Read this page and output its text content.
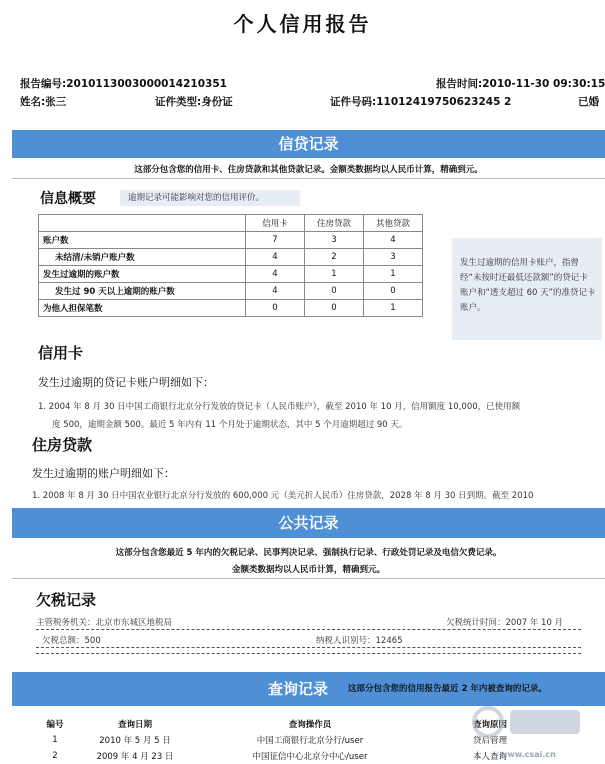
个人信用报告
报告编号:2010113003000014210351	报告时间:2010-11-30 09:30:15
姓名:张三	证件类型:身份证	证件号码:11012419750623245 2	已婚
信贷记录
这部分包含您的信用卡、住房贷款和其他贷款记录。金额类数据均以人民币计算，精确到元。
信息概要	逾期记录可能影响对您的信用评价。
	信用卡	住房贷款	其他贷款
账户数	7	3	4
未结清/未销户账户数	4	2	3
发生过逾期的账户数	4	1	1
发生过 90 天以上逾期的账户数	4	0	0
为他人担保笔数	0	0	1
发生过逾期的信用卡账户，指曾经“未按时还最低还款额”的贷记卡账户和“透支超过 60 天”的准贷记卡账户。
信用卡
发生过逾期的贷记卡账户明细如下：
1. 2004 年 8 月 30 日中国工商银行北京分行发放的贷记卡（人民币账户），截至 2010 年 10 月，信用额度 10,000，已使用额
度 500，逾期金额 500。最近 5 年内有 11 个月处于逾期状态，其中 5 个月逾期超过 90 天。
住房贷款
发生过逾期的账户明细如下：
1. 2008 年 8 月 30 日中国农业银行北京分行发放的 600,000 元（美元折人民币）住房贷款，2028 年 8 月 30 日到期。截至 2010
公共记录
这部分包含您最近 5 年内的欠税记录、民事判决记录、强制执行记录、行政处罚记录及电信欠费记录。
金额类数据均以人民币计算，精确到元。
欠税记录
主管税务机关：北京市东城区地税局	欠税统计时间：2007 年 10 月
欠税总额：500	纳税人识别号：12465
查询记录 这部分包含您的信用报告最近 2 年内被查询的记录。
编号	查询日期	查询操作员	查询原因
1	2010 年 5 月 5 日	中国工商银行北京分行/user	贷后管理
2	2009 年 4 月 23 日	中国征信中心北京分中心/user	本人查询
www.csai.cn
